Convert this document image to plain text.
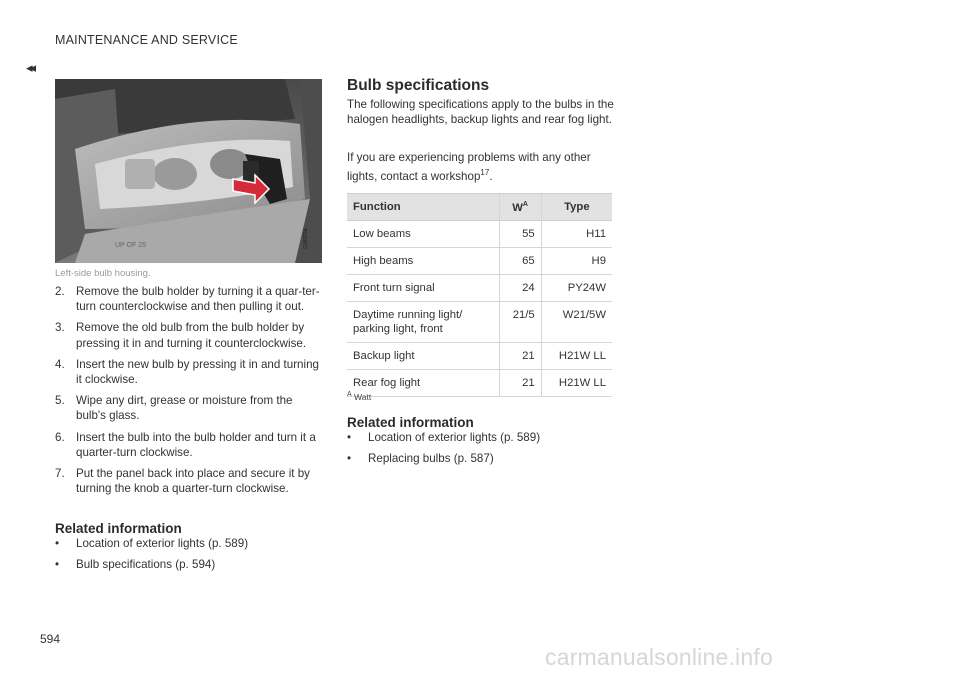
MAINTENANCE AND SERVICE
◂◂
UP OF 25	G060758
Left-side bulb housing.
2. Remove the bulb holder by turning it a quar-ter-turn counterclockwise and then pulling it out.
3. Remove the old bulb from the bulb holder by pressing it in and turning it counterclockwise.
4. Insert the new bulb by pressing it in and turning it clockwise.
5. Wipe any dirt, grease or moisture from the bulb's glass.
6. Insert the bulb into the bulb holder and turn it a quarter-turn clockwise.
7. Put the panel back into place and secure it by turning the knob a quarter-turn clockwise.
Related information
•	Location of exterior lights (p. 589)
•	Bulb specifications (p. 594)
Bulb specifications

The following specifications apply to the bulbs in the halogen headlights, backup lights and rear fog light.

If you are experiencing problems with any other lights, contact a workshop$^{17}$.

Function	$W^A$	Type
Low beams	55	H11
High beams	65	H9
Front turn signal	24	PY24W
Daytime running light/ parking light, front	21/5	W21/5W
Backup light	21	H21W LL
Rear fog light	21	H21W LL
$^A$ Watt
Related information
•	Location of exterior lights (p. 589)
•	Replacing bulbs (p. 587)
594
carmanualsonline.info
